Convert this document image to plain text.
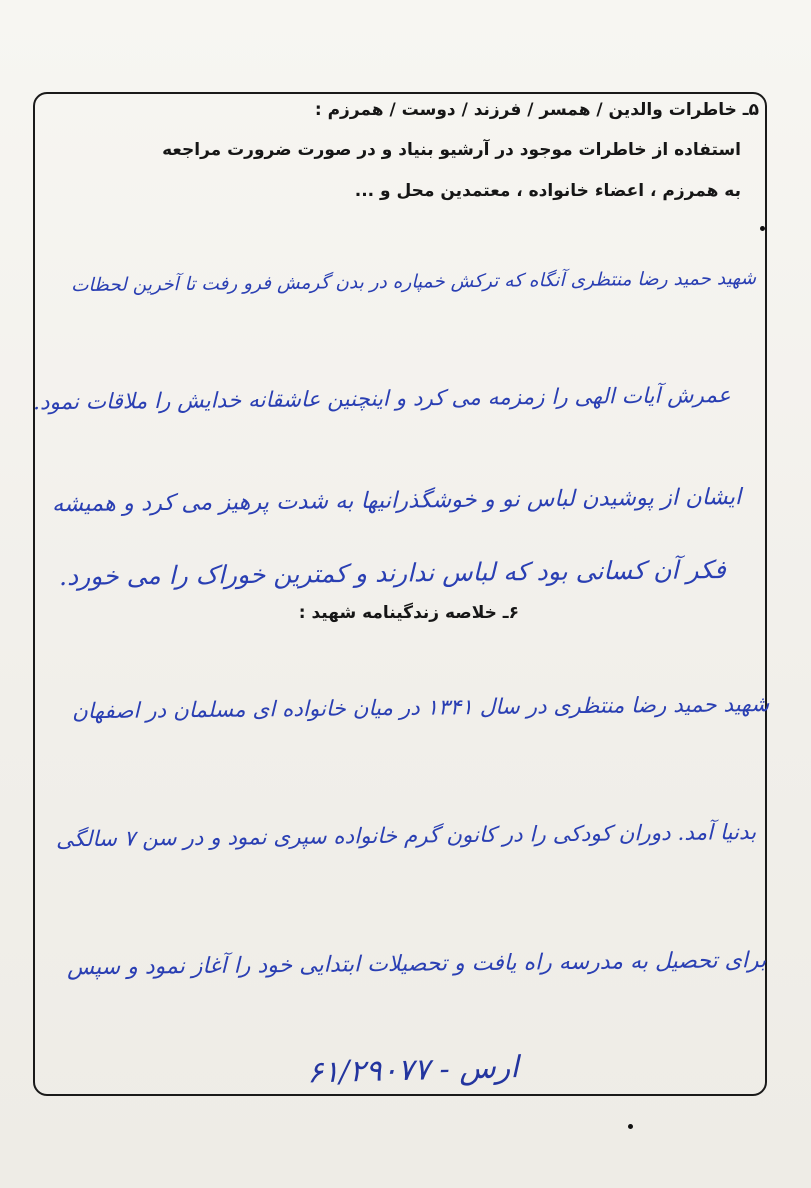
﻿
۵ـ خاطرات والدین / همسر / فرزند / دوست / همرزم :
استفاده از خاطرات موجود در آرشیو بنیاد و در صورت ضرورت مراجعه
به همرزم ، اعضاء خانواده ، معتمدین محل و ...
شهید حمید رضا منتظری آنگاه که ترکش خمپاره در بدن گرمش فرو رفت تا آخرین لحظات
عمرش آیات الهی را زمزمه می کرد و اینچنین عاشقانه خدایش را ملاقات نمود.
ایشان از پوشیدن لباس نو و خوشگذرانیها به شدت پرهیز می کرد و همیشه
فکر آن کسانی بود که لباس ندارند و کمترین خوراک را می خورد.
۶ـ خلاصه زندگینامه شهید :
شهید حمید رضا منتظری در سال ۱۳۴۱ در میان خانواده ای مسلمان در اصفهان
بدنیا آمد. دوران کودکی را در کانون گرم خانواده سپری نمود و در سن ۷ سالگی
برای تحصیل به مدرسه راه یافت و تحصیلات ابتدایی خود را آغاز نمود و سپس
ارس - ۶۱/۲۹۰۷۷
